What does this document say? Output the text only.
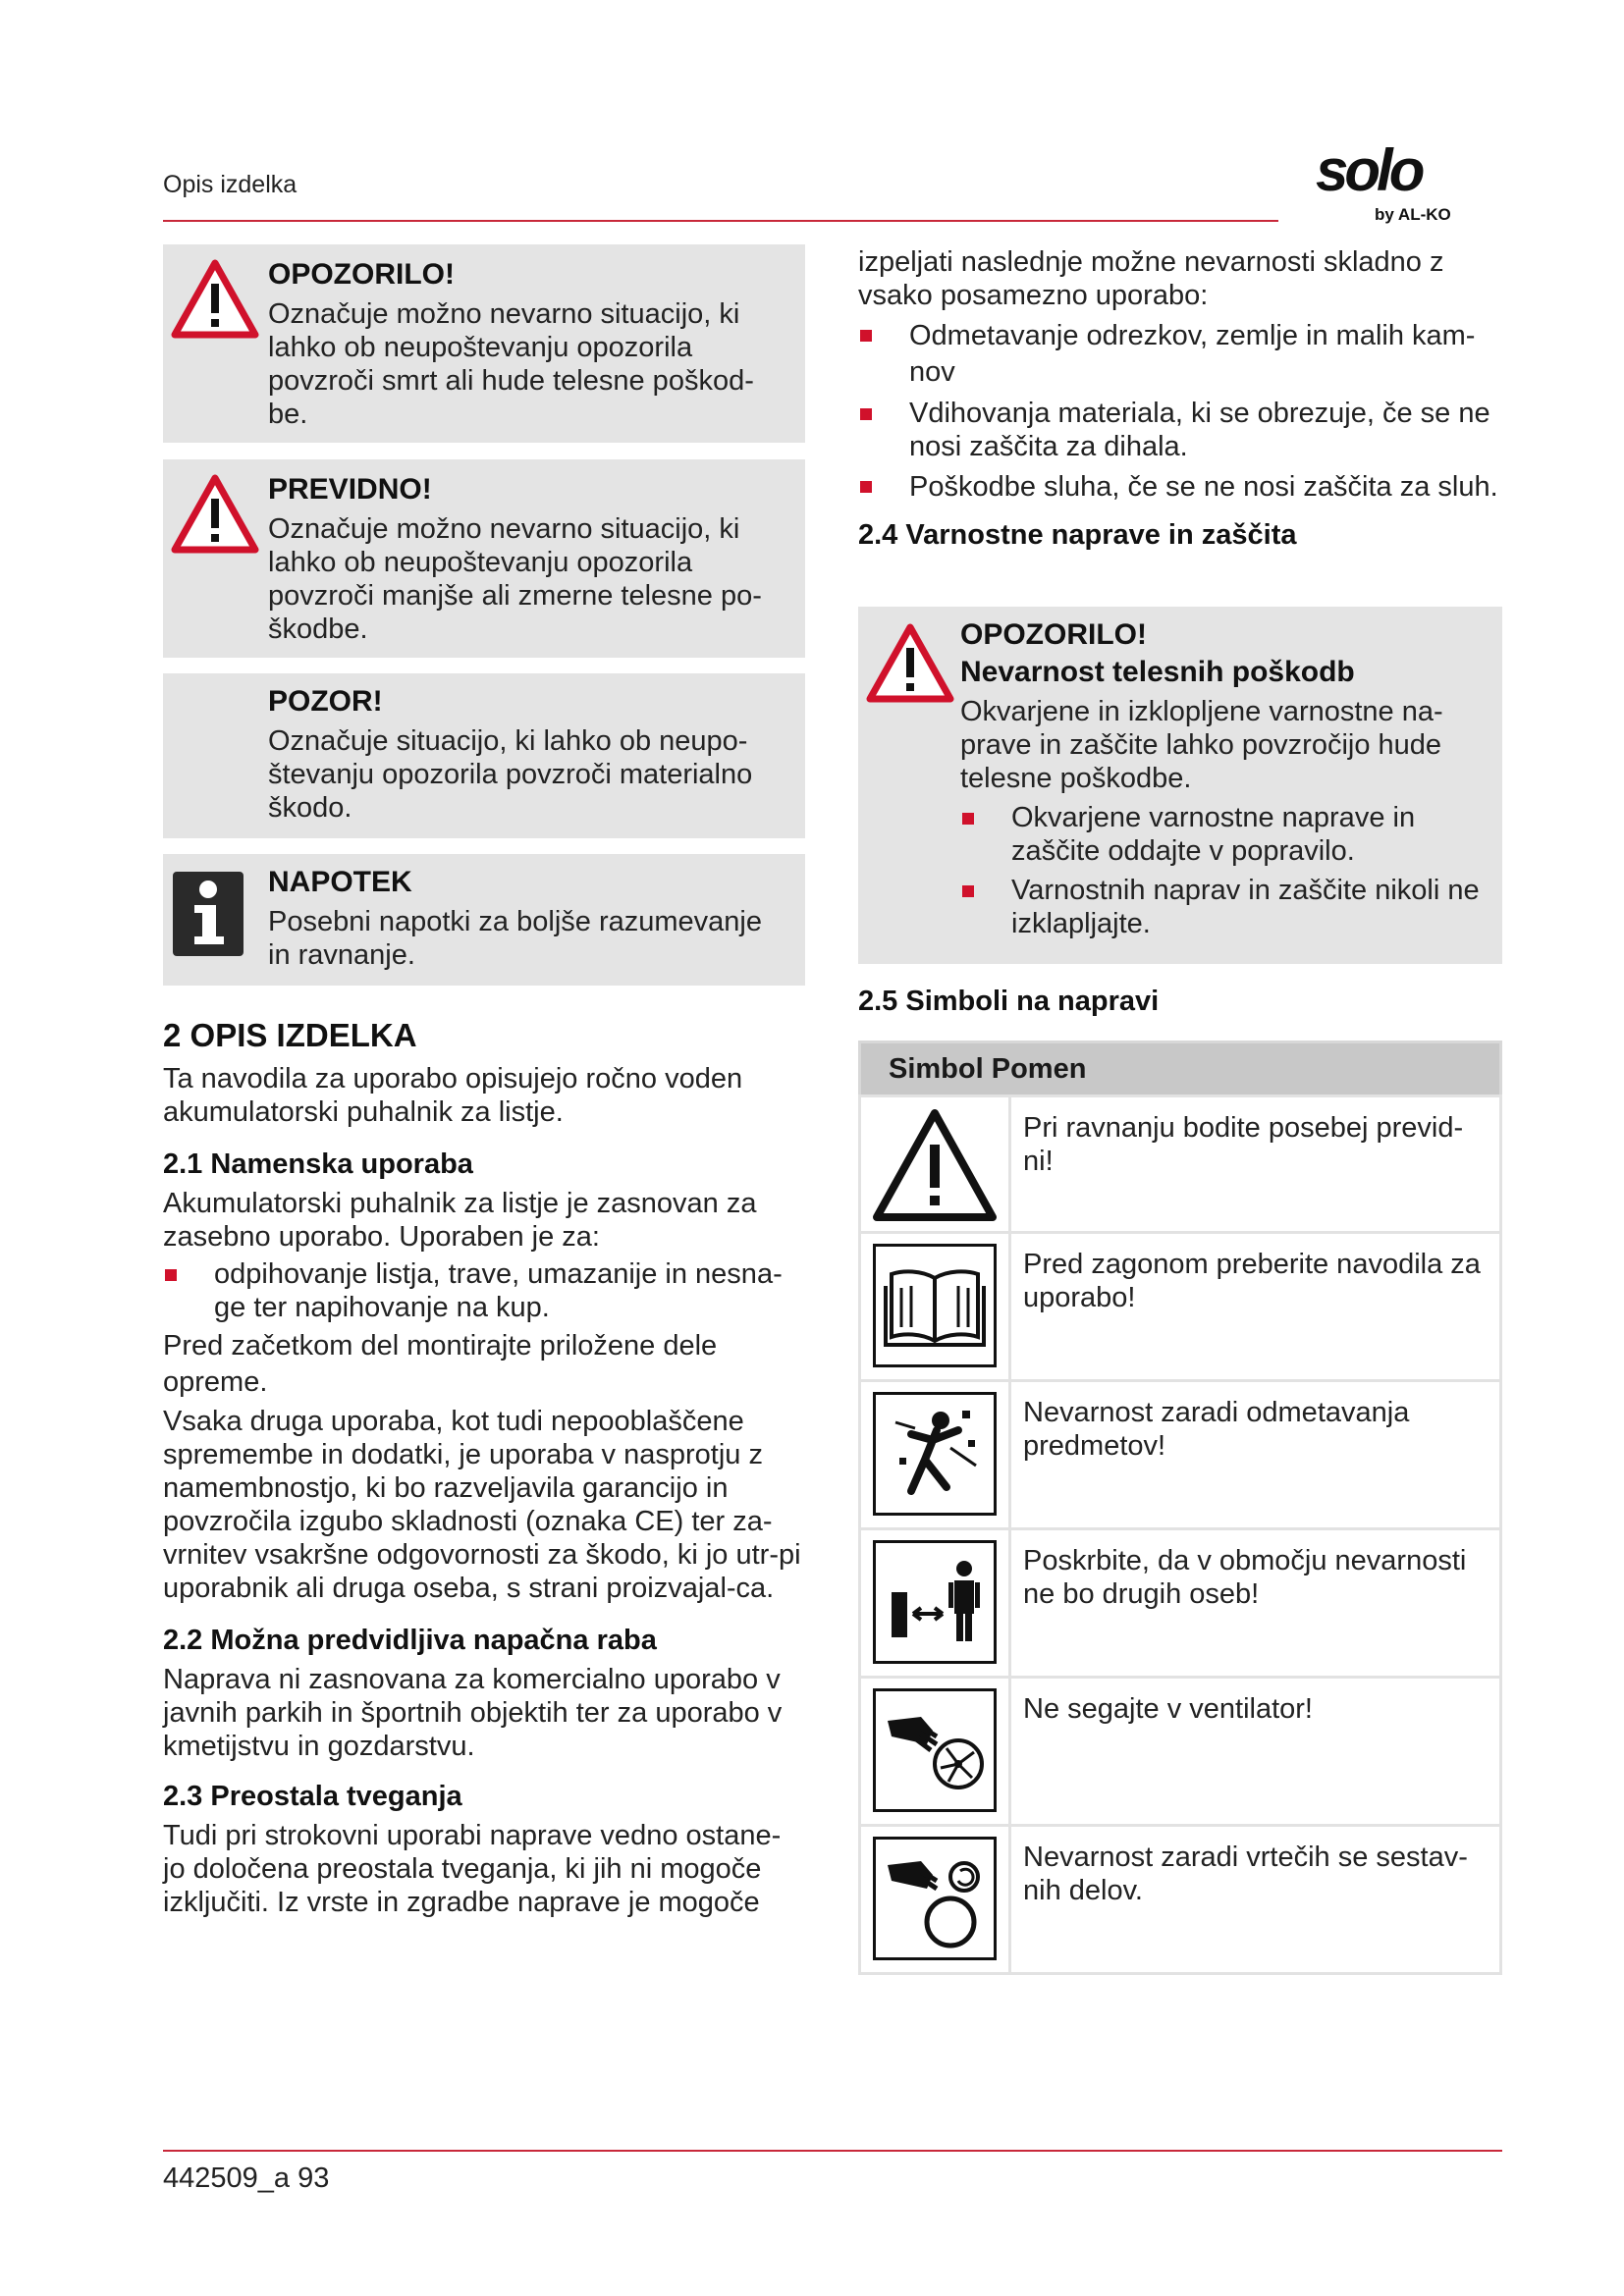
Opis izdelka	solo
by AL-KO
OPOZORILO!
Označuje možno nevarno situacijo, ki lahko ob neupoštevanju opozorila povzroči smrt ali hude telesne poškod-be.
PREVIDNO!
Označuje možno nevarno situacijo, ki lahko ob neupoštevanju opozorila povzroči manjše ali zmerne telesne po-škodbe.
POZOR!
Označuje situacijo, ki lahko ob neupo-števanju opozorila povzroči materialno škodo.
NAPOTEK
Posebni napotki za boljše razumevanje in ravnanje.
2 OPIS IZDELKA

Ta navodila za uporabo opisujejo ročno voden akumulatorski puhalnik za listje.

2.1 Namenska uporaba

Akumulatorski puhalnik za listje je zasnovan za zasebno uporabo. Uporaben je za:

odpihovanje listja, trave, umazanije in nesna-ge ter napihovanje na kup.

Pred začetkom del montirajte priložene dele opreme.

Vsaka druga uporaba, kot tudi nepooblaščene spremembe in dodatki, je uporaba v nasprotju z namembnostjo, ki bo razveljavila garancijo in povzročila izgubo skladnosti (oznaka CE) ter za-vrnitev vsakršne odgovornosti za škodo, ki jo utr-pi uporabnik ali druga oseba, s strani proizvajal-ca.

2.2 Možna predvidljiva napačna raba

Naprava ni zasnovana za komercialno uporabo v javnih parkih in športnih objektih ter za uporabo v kmetijstvu in gozdarstvu.

2.3 Preostala tveganja

Tudi pri strokovni uporabi naprave vedno ostane-jo določena preostala tveganja, ki jih ni mogoče izključiti. Iz vrste in zgradbe naprave je mogoče

izpeljati naslednje možne nevarnosti skladno z vsako posamezno uporabo:

Odmetavanje odrezkov, zemlje in malih kam-nov
Vdihovanja materiala, ki se obrezuje, če se ne nosi zaščita za dihala.
Poškodbe sluha, če se ne nosi zaščita za sluh.
2.4 Varnostne naprave in zaščita
OPOZORILO!
Nevarnost telesnih poškodb
Okvarjene in izklopljene varnostne na-prave in zaščite lahko povzročijo hude telesne poškodbe.
Okvarjene varnostne naprave in zaščite oddajte v popravilo.
Varnostnih naprav in zaščite nikoli ne izklapljajte.
2.5 Simboli na napravi
Simbol Pomen	

	Pri ravnanju bodite posebej previd-ni!

	Pred zagonom preberite navodila za uporabo!

	Nevarnost zaradi odmetavanja predmetov!

	Poskrbite, da v območju nevarnosti ne bo drugih oseb!

	Ne segajte v ventilator!

	Nevarnost zaradi vrtečih se sestav-nih delov.
442509_a 93
